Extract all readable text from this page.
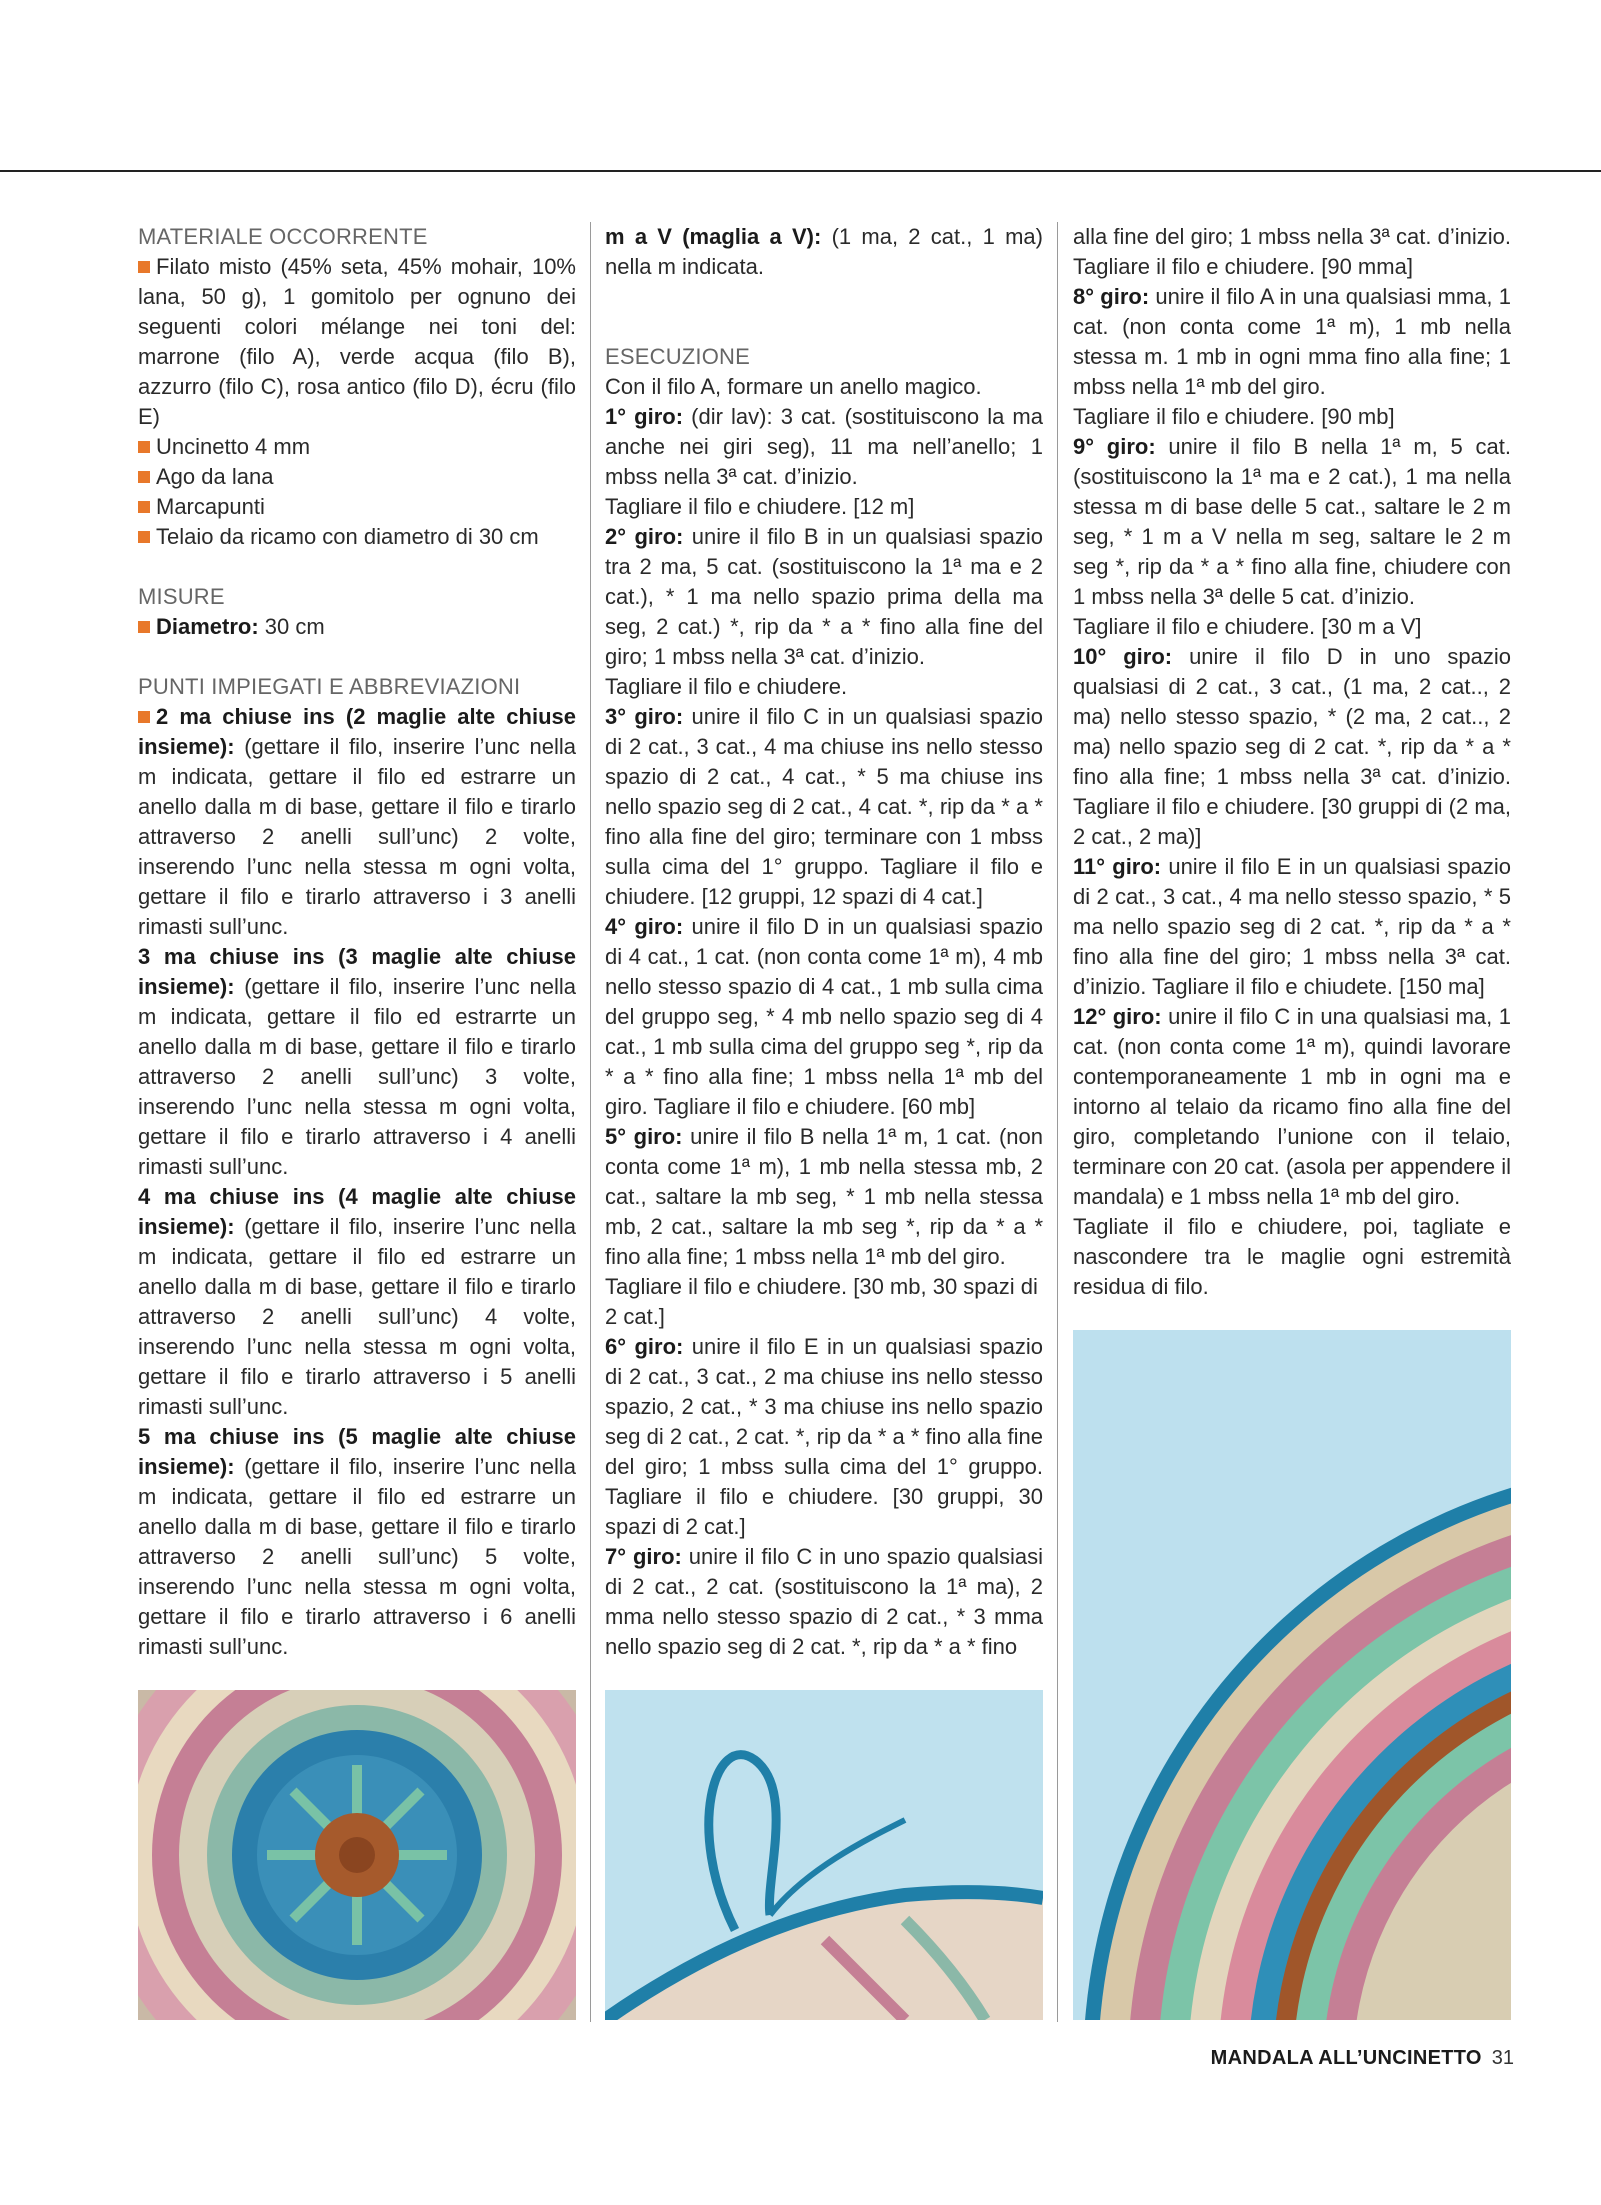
MATERIALE OCCORRENTE

Filato misto (45% seta, 45% mohair, 10% lana, 50 g), 1 gomitolo per ognuno dei seguenti colori mélange nei toni del: marrone (filo A), verde acqua (filo B), azzurro (filo C), rosa antico (filo D), écru (filo E)

Uncinetto 4 mm

Ago da lana

Marcapunti

Telaio da ricamo con diametro di 30 cm

MISURE

Diametro: 30 cm

PUNTI IMPIEGATI E ABBREVIAZIONI

2 ma chiuse ins (2 maglie alte chiuse insieme): (gettare il filo, inserire l’unc nella m indicata, gettare il filo ed estrarre un anello dalla m di base, gettare il filo e tirarlo attraverso 2 anelli sull’unc) 2 volte, inserendo l’unc nella stessa m ogni volta, gettare il filo e tirarlo attraverso i 3 anelli rimasti sull’unc.

3 ma chiuse ins (3 maglie alte chiuse insieme): (gettare il filo, inserire l’unc nella m indicata, gettare il filo ed estrarrte un anello dalla m di base, gettare il filo e tirarlo attraverso 2 anelli sull’unc) 3 volte, inserendo l’unc nella stessa m ogni volta, gettare il filo e tirarlo attraverso i 4 anelli rimasti sull’unc.

4 ma chiuse ins (4 maglie alte chiuse insieme): (gettare il filo, inserire l’unc nella m indicata, gettare il filo ed estrarre un anello dalla m di base, gettare il filo e tirarlo attraverso 2 anelli sull’unc) 4 volte, inserendo l’unc nella stessa m ogni volta, gettare il filo e tirarlo attraverso i 5 anelli rimasti sull’unc.

5 ma chiuse ins (5 maglie alte chiuse insieme): (gettare il filo, inserire l’unc nella m indicata, gettare il filo ed estrarre un anello dalla m di base, gettare il filo e tirarlo attraverso 2 anelli sull’unc) 5 volte, inserendo l’unc nella stessa m ogni volta, gettare il filo e tirarlo attraverso i 6 anelli rimasti sull’unc.

m a V (maglia a V): (1 ma, 2 cat., 1 ma) nella m indicata.

ESECUZIONE

Con il filo A, formare un anello magico.

1° giro: (dir lav): 3 cat. (sostituiscono la ma anche nei giri seg), 11 ma nell’anello; 1 mbss nella 3ª cat. d’inizio.

Tagliare il filo e chiudere. [12 m]

2° giro: unire il filo B in un qualsiasi spazio tra 2 ma, 5 cat. (sostituiscono la 1ª ma e 2 cat.), * 1 ma nello spazio prima della ma seg, 2 cat.) *, rip da * a * fino alla fine del giro; 1 mbss nella 3ª cat. d’inizio.

Tagliare il filo e chiudere.

3° giro: unire il filo C in un qualsiasi spazio di 2 cat., 3 cat., 4 ma chiuse ins nello stesso spazio di 2 cat., 4 cat., * 5 ma chiuse ins nello spazio seg di 2 cat., 4 cat. *, rip da * a * fino alla fine del giro; terminare con 1 mbss sulla cima del 1° gruppo. Tagliare il filo e chiudere. [12 gruppi, 12 spazi di 4 cat.]

4° giro: unire il filo D in un qualsiasi spazio di 4 cat., 1 cat. (non conta come 1ª m), 4 mb nello stesso spazio di 4 cat., 1 mb sulla cima del gruppo seg, * 4 mb nello spazio seg di 4 cat., 1 mb sulla cima del gruppo seg *, rip da * a * fino alla fine; 1 mbss nella 1ª mb del giro. Tagliare il filo e chiudere. [60 mb]

5° giro: unire il filo B nella 1ª m, 1 cat. (non conta come 1ª m), 1 mb nella stessa mb, 2 cat., saltare la mb seg, * 1 mb nella stessa mb, 2 cat., saltare la mb seg *, rip da * a * fino alla fine; 1 mbss nella 1ª mb del giro.

Tagliare il filo e chiudere. [30 mb, 30 spazi di 2 cat.]

6° giro: unire il filo E in un qualsiasi spazio di 2 cat., 3 cat., 2 ma chiuse ins nello stesso spazio, 2 cat., * 3 ma chiuse ins nello spazio seg di 2 cat., 2 cat. *, rip da * a * fino alla fine del giro; 1 mbss sulla cima del 1° gruppo. Tagliare il filo e chiudere. [30 gruppi, 30 spazi di 2 cat.]

7° giro: unire il filo C in uno spazio qualsiasi di 2 cat., 2 cat. (sostituiscono la 1ª ma), 2 mma nello stesso spazio di 2 cat., * 3 mma nello spazio seg di 2 cat. *, rip da * a * fino

alla fine del giro; 1 mbss nella 3ª cat. d’inizio. Tagliare il filo e chiudere. [90 mma]

8° giro: unire il filo A in una qualsiasi mma, 1 cat. (non conta come 1ª m), 1 mb nella stessa m. 1 mb in ogni mma fino alla fine; 1 mbss nella 1ª mb del giro.

Tagliare il filo e chiudere. [90 mb]

9° giro: unire il filo B nella 1ª m, 5 cat. (sostituiscono la 1ª ma e 2 cat.), 1 ma nella stessa m di base delle 5 cat., saltare le 2 m seg, * 1 m a V nella m seg, saltare le 2 m seg *, rip da * a * fino alla fine, chiudere con 1 mbss nella 3ª delle 5 cat. d’inizio.

Tagliare il filo e chiudere. [30 m a V]

10° giro: unire il filo D in uno spazio qualsiasi di 2 cat., 3 cat., (1 ma, 2 cat.., 2 ma) nello stesso spazio, * (2 ma, 2 cat.., 2 ma) nello spazio seg di 2 cat. *, rip da * a * fino alla fine; 1 mbss nella 3ª cat. d’inizio. Tagliare il filo e chiudere. [30 gruppi di (2 ma, 2 cat., 2 ma)]

11° giro: unire il filo E in un qualsiasi spazio di 2 cat., 3 cat., 4 ma nello stesso spazio, * 5 ma nello spazio seg di 2 cat. *, rip da * a * fino alla fine del giro; 1 mbss nella 3ª cat. d’inizio. Tagliare il filo e chiudete. [150 ma]

12° giro: unire il filo C in una qualsiasi ma, 1 cat. (non conta come 1ª m), quindi lavorare contemporaneamente 1 mb in ogni ma e intorno al telaio da ricamo fino alla fine del giro, completando l’unione con il telaio, terminare con 20 cat. (asola per appendere il mandala) e 1 mbss nella 1ª mb del giro.

Tagliate il filo e chiudere, poi, tagliate e nascondere tra le maglie ogni estremità residua di filo.

MANDALA ALL’UNCINETTO 31
